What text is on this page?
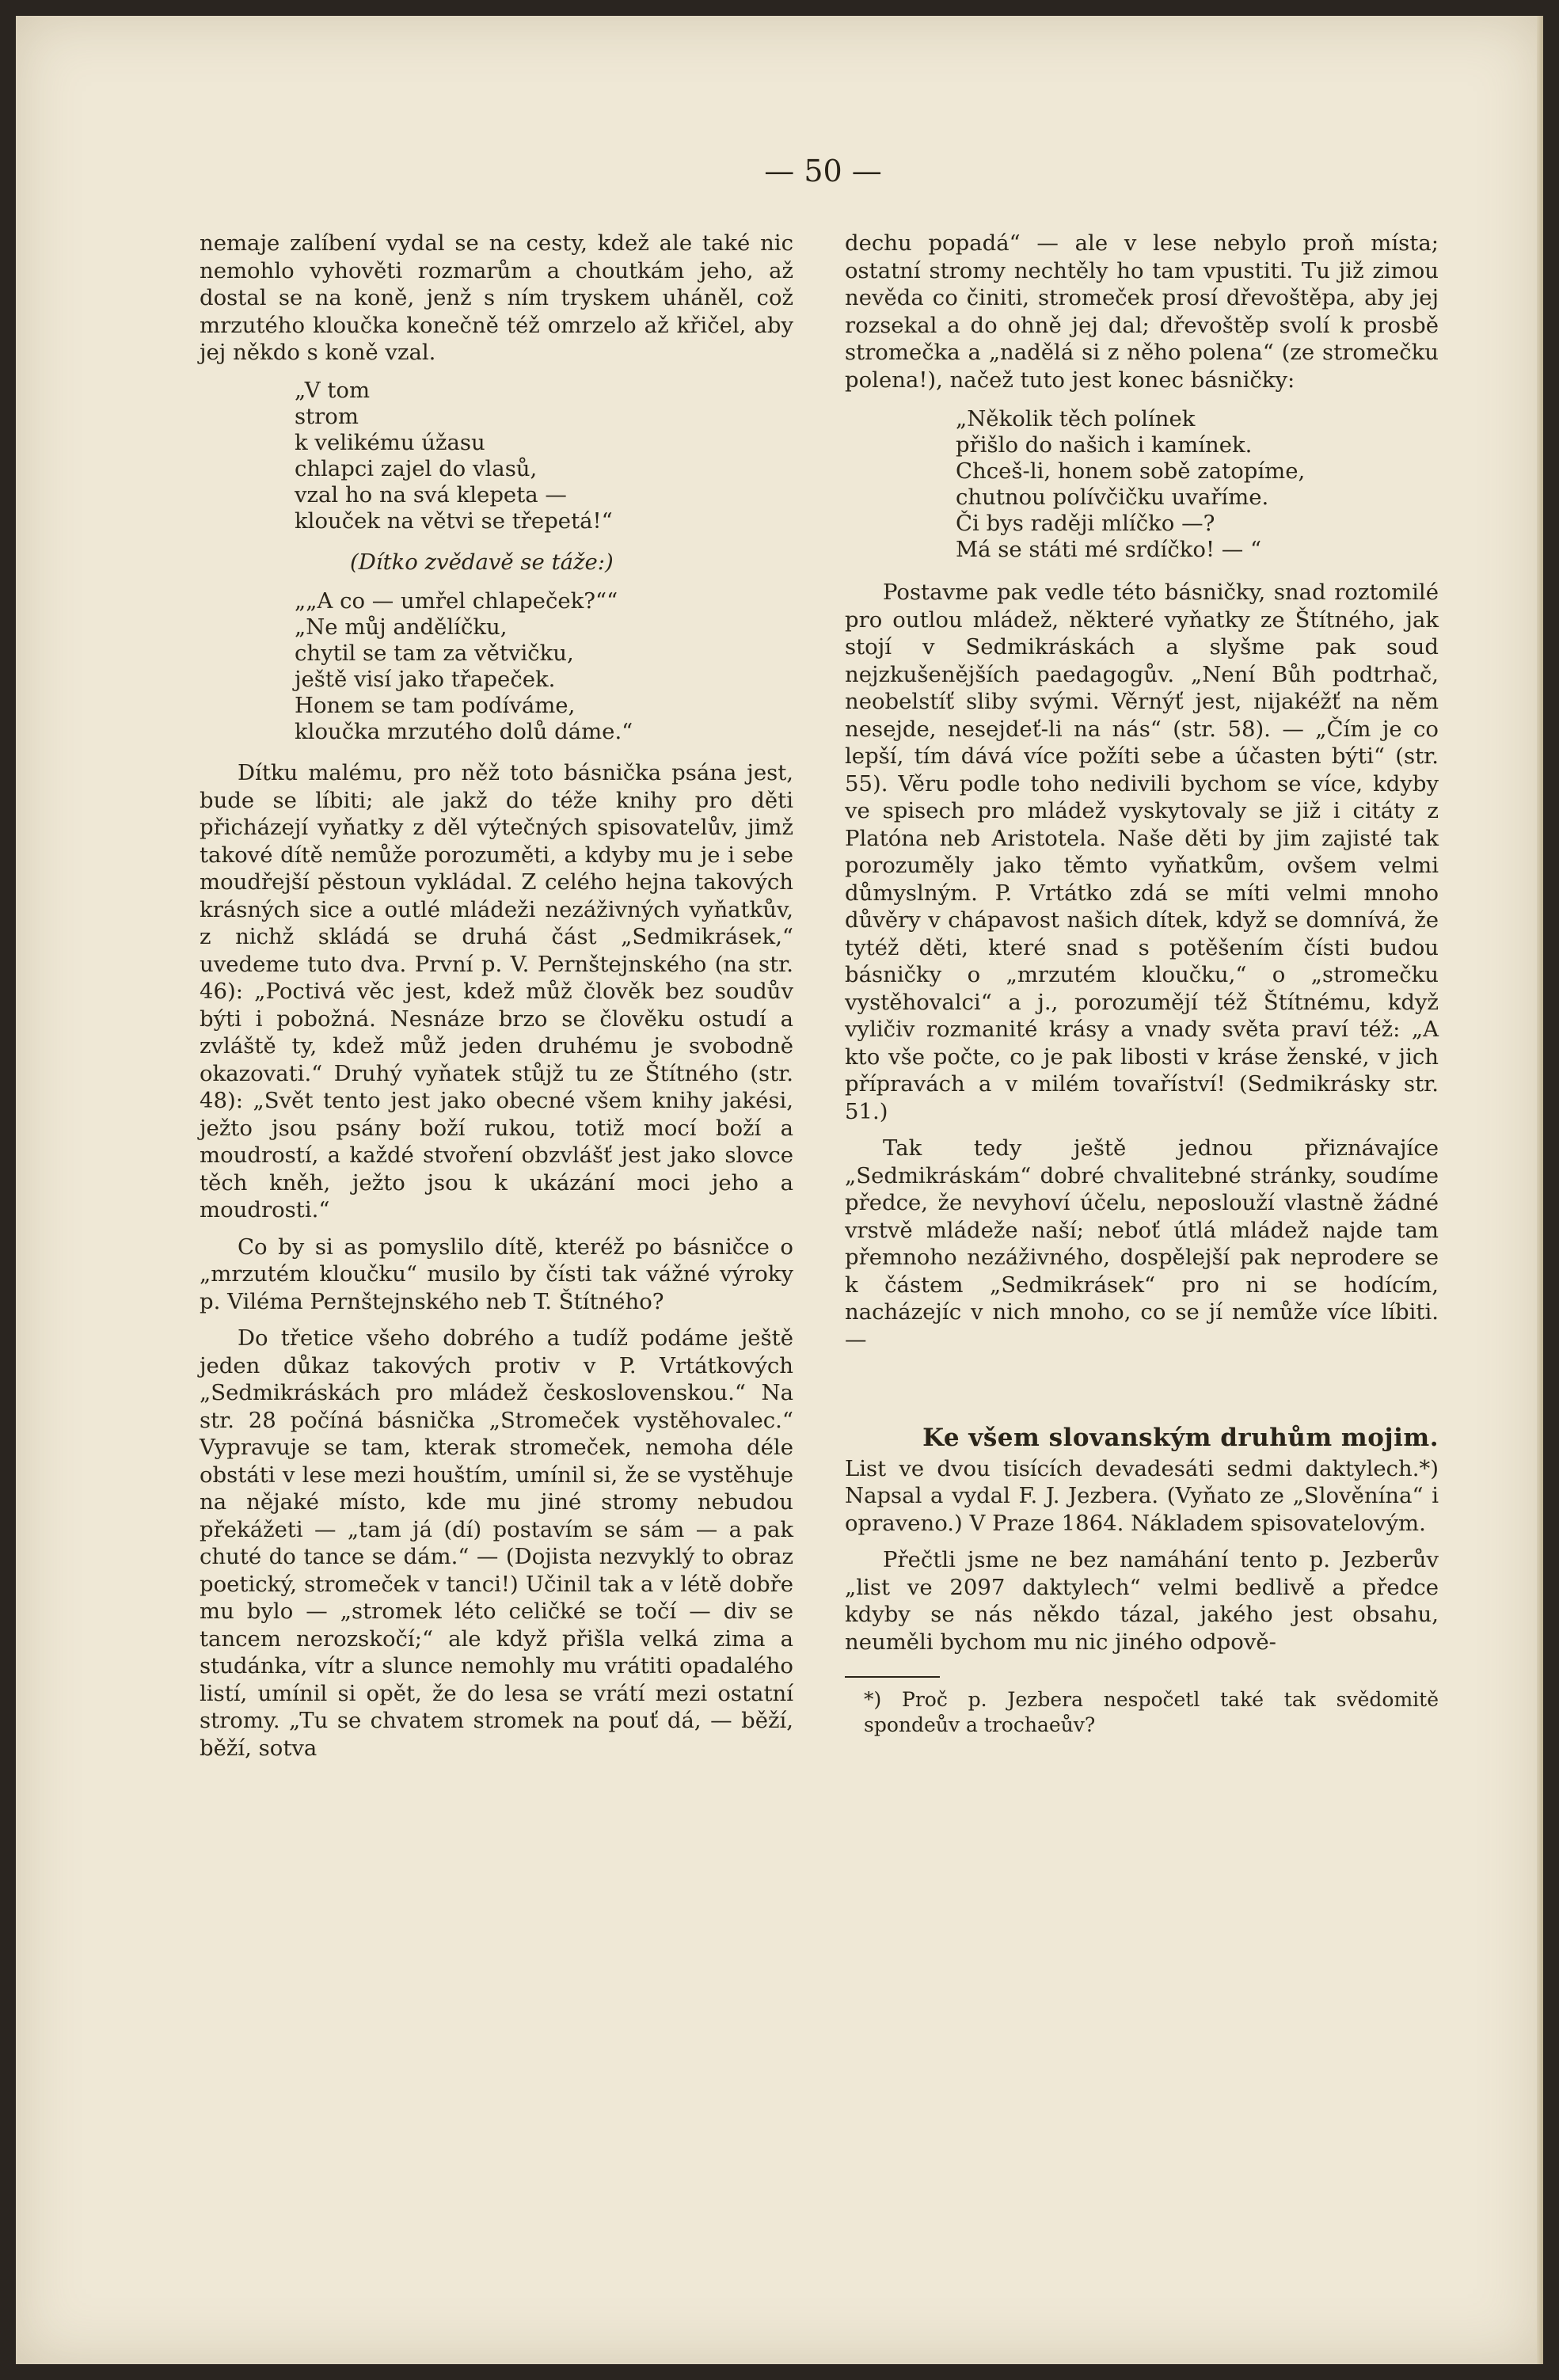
— 50 —

nemaje zalíbení vydal se na cesty, kdež ale také nic nemohlo vyhověti rozmarům a choutkám jeho, až dostal se na koně, jenž s ním tryskem uháněl, což mrzutého kloučka konečně též omrzelo až křičel, aby jej někdo s koně vzal.

„V tom
strom
k velikému úžasu
chlapci zajel do vlasů,
vzal ho na svá klepeta —
klouček na větvi se třepetá!“
(Dítko zvědavě se táže:)
„„A co — umřel chlapeček?““
„Ne můj andělíčku,
chytil se tam za větvičku,
ještě visí jako třapeček.
Honem se tam podíváme,
kloučka mrzutého dolů dáme.“

Dítku malému, pro něž toto básnička psána jest, bude se líbiti; ale jakž do téže knihy pro děti přicházejí vyňatky z děl výtečných spisovatelův, jimž takové dítě nemůže porozuměti, a kdyby mu je i sebe moudřejší pěstoun vykládal. Z celého hejna takových krásných sice a outlé mládeži nezáživných vyňatkův, z nichž skládá se druhá část „Sedmikrásek,“ uvedeme tuto dva. První p. V. Pernštejnského (na str. 46): „Poctivá věc jest, kdež můž člověk bez soudův býti i pobožná. Nesnáze brzo se člověku ostudí a zvláště ty, kdež můž jeden druhému je svobodně okazovati.“ Druhý vyňatek stůjž tu ze Štítného (str. 48): „Svět tento jest jako obecné všem knihy jakési, ježto jsou psány boží rukou, totiž mocí boží a moudrostí, a každé stvoření obzvlášť jest jako slovce těch kněh, ježto jsou k ukázání moci jeho a moudrosti.“

Co by si as pomyslilo dítě, kteréž po básničce o „mrzutém kloučku“ musilo by čísti tak vážné výroky p. Viléma Pernštejnského neb T. Štítného?

Do třetice všeho dobrého a tudíž podáme ještě jeden důkaz takových protiv v P. Vrtátkových „Sedmikráskách pro mládež československou.“ Na str. 28 počíná básnička „Stromeček vystěhovalec.“ Vypravuje se tam, kterak stromeček, nemoha déle obstáti v lese mezi houštím, umínil si, že se vystěhuje na nějaké místo, kde mu jiné stromy nebudou překážeti — „tam já (dí) postavím se sám — a pak chuté do tance se dám.“ — (Dojista nezvyklý to obraz poetický, stromeček v tanci!) Učinil tak a v létě dobře mu bylo — „stromek léto celičké se točí — div se tancem nerozskočí;“ ale když přišla velká zima a studánka, vítr a slunce nemohly mu vrátiti opadalého listí, umínil si opět, že do lesa se vrátí mezi ostatní stromy. „Tu se chvatem stromek na pouť dá, — běží, běží, sotva

dechu popadá“ — ale v lese nebylo proň místa; ostatní stromy nechtěly ho tam vpustiti. Tu již zimou nevěda co činiti, stromeček prosí dřevoštěpa, aby jej rozsekal a do ohně jej dal; dřevoštěp svolí k prosbě stromečka a „nadělá si z něho polena“ (ze stromečku polena!), načež tuto jest konec básničky:

„Několik těch polínek
přišlo do našich i kamínek.
Chceš-li, honem sobě zatopíme,
chutnou polívčičku uvaříme.
Či bys raději mlíčko —?
Má se státi mé srdíčko! — “

Postavme pak vedle této básničky, snad roztomilé pro outlou mládež, některé vyňatky ze Štítného, jak stojí v Sedmikráskách a slyšme pak soud nejzkušenějších paedagogův. „Není Bůh podtrhač, neobelstíť sliby svými. Věrnýť jest, nijakéžť na něm nesejde, nesejdeť-li na nás“ (str. 58). — „Čím je co lepší, tím dává více požíti sebe a účasten býti“ (str. 55). Věru podle toho nedivili bychom se více, kdyby ve spisech pro mládež vyskytovaly se již i citáty z Platóna neb Aristotela. Naše děti by jim zajisté tak porozuměly jako těmto vyňatkům, ovšem velmi důmyslným. P. Vrtátko zdá se míti velmi mnoho důvěry v chápavost našich dítek, když se domnívá, že tytéž děti, které snad s potěšením čísti budou básničky o „mrzutém kloučku,“ o „stromečku vystěhovalci“ a j., porozumějí též Štítnému, když vyličiv rozmanité krásy a vnady světa praví též: „A kto vše počte, co je pak libosti v kráse ženské, v jich přípravách a v milém tovaříství! (Sedmikrásky str. 51.)

Tak tedy ještě jednou přiznávajíce „Sedmikráskám“ dobré chvalitebné stránky, soudíme předce, že nevyhoví účelu, neposlouží vlastně žádné vrstvě mládeže naší; neboť útlá mládež najde tam přemnoho nezáživného, dospělejší pak neprodere se k částem „Sedmikrásek“ pro ni se hodícím, nacházejíc v nich mnoho, co se jí nemůže více líbiti. —

Ke všem slovanským druhům mojim.

List ve dvou tisících devadesáti sedmi daktylech.*) Napsal a vydal F. J. Jezbera. (Vyňato ze „Slověnína“ i opraveno.) V Praze 1864. Nákladem spisovatelovým.

Přečtli jsme ne bez namáhání tento p. Jezberův „list ve 2097 daktylech“ velmi bedlivě a předce kdyby se nás někdo tázal, jakého jest obsahu, neuměli bychom mu nic jiného odpově-

*) Proč p. Jezbera nespočetl také tak svědomitě spondeův a trochaeův?
